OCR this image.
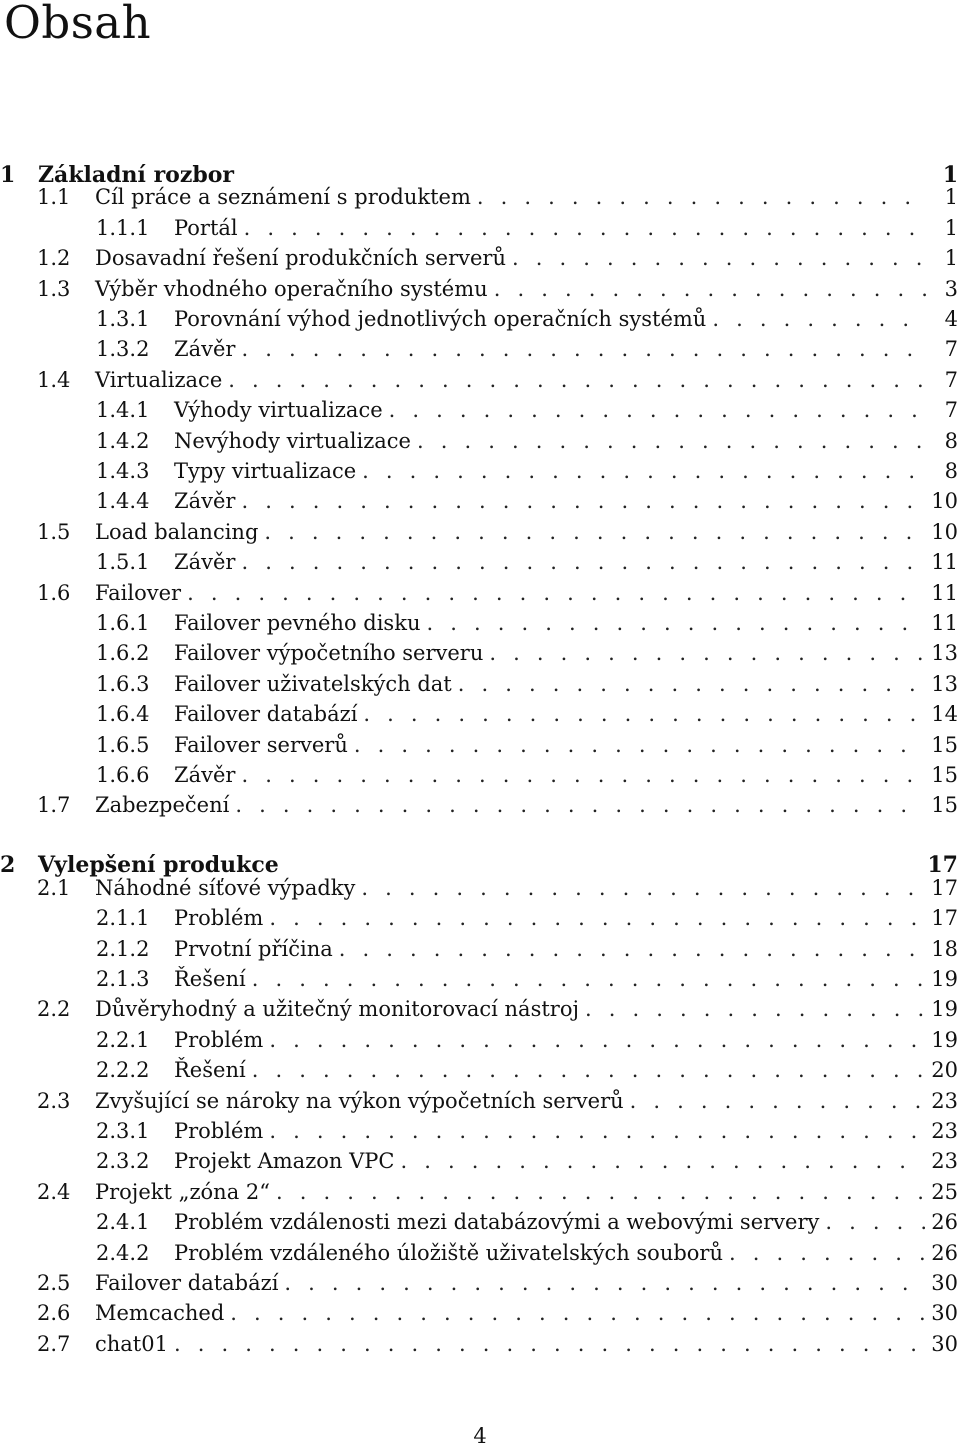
Obsah
1	Základní rozbor	1
1.1	Cíl práce a seznámení s produktem . . .	1
1.1.1	Portál . . .	1
1.2	Dosavadní řešení produkčních serverů . . .	1
1.3	Výběr vhodného operačního systému . . .	3
1.3.1	Porovnání výhod jednotlivých operačních systémů . . .	4
1.3.2	Závěr . . .	7
1.4	Virtualizace . . .	7
1.4.1	Výhody virtualizace . . .	7
1.4.2	Nevýhody virtualizace . . .	8
1.4.3	Typy virtualizace . . .	8
1.4.4	Závěr . . .	10
1.5	Load balancing . . .	10
1.5.1	Závěr . . .	11
1.6	Failover . . .	11
1.6.1	Failover pevného disku . . .	11
1.6.2	Failover výpočetního serveru . . .	13
1.6.3	Failover uživatelských dat . . .	13
1.6.4	Failover databází . . .	14
1.6.5	Failover serverů . . .	15
1.6.6	Závěr . . .	15
1.7	Zabezpečení . . .	15
2	Vylepšení produkce	17
2.1	Náhodné síťové výpadky . . .	17
2.1.1	Problém . . .	17
2.1.2	Prvotní příčina . . .	18
2.1.3	Řešení . . .	19
2.2	Důvěryhodný a užitečný monitorovací nástroj . . .	19
2.2.1	Problém . . .	19
2.2.2	Řešení . . .	20
2.3	Zvyšující se nároky na výkon výpočetních serverů . . .	23
2.3.1	Problém . . .	23
2.3.2	Projekt Amazon VPC . . .	23
2.4	Projekt „zóna 2“ . . .	25
2.4.1	Problém vzdálenosti mezi databázovými a webovými servery . . .	26
2.4.2	Problém vzdáleného úložiště uživatelských souborů . . .	26
2.5	Failover databází . . .	30
2.6	Memcached . . .	30
2.7	chat01 . . .	30
4
